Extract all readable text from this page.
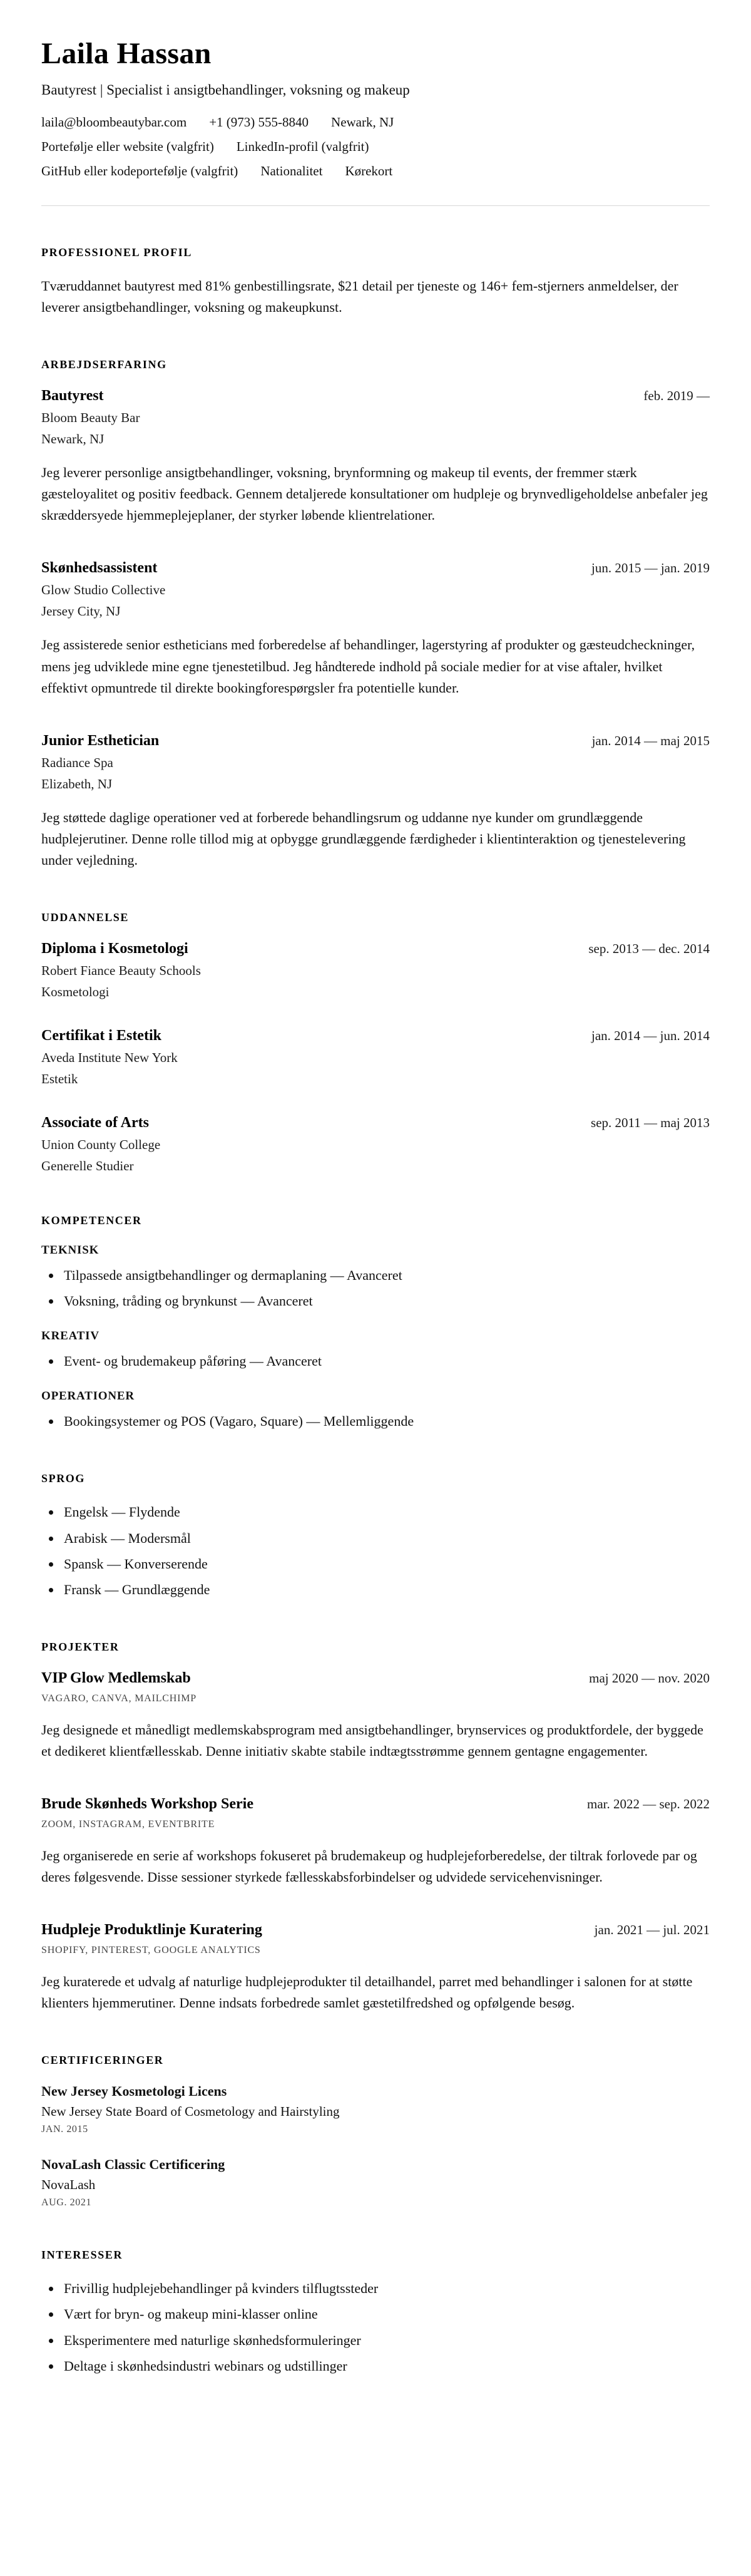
Laila Hassan
Bautyrest | Specialist i ansigtbehandlinger, voksning og makeup
laila@bloombeautybar.com +1 (973) 555-8840 Newark, NJ
Portefølje eller website (valgfrit) LinkedIn-profil (valgfrit)
GitHub eller kodeportefølje (valgfrit) Nationalitet Kørekort
PROFESSIONEL PROFIL

Tværuddannet bautyrest med 81% genbestillingsrate, $21 detail per tjeneste og 146+ fem-stjerners anmeldelser, der leverer ansigtbehandlinger, voksning og makeupkunst.

ARBEJDSERFARING
Bautyrest	feb. 2019 —
Bloom Beauty Bar
Newark, NJ

Jeg leverer personlige ansigtbehandlinger, voksning, brynformning og makeup til events, der fremmer stærk gæsteloyalitet og positiv feedback. Gennem detaljerede konsultationer om hudpleje og brynvedligeholdelse anbefaler jeg skræddersyede hjemmeplejeplaner, der styrker løbende klientrelationer.

Skønhedsassistent	jun. 2015 — jan. 2019
Glow Studio Collective
Jersey City, NJ

Jeg assisterede senior estheticians med forberedelse af behandlinger, lagerstyring af produkter og gæsteudcheckninger, mens jeg udviklede mine egne tjenestetilbud. Jeg håndterede indhold på sociale medier for at vise aftaler, hvilket effektivt opmuntrede til direkte bookingforespørgsler fra potentielle kunder.

Junior Esthetician	jan. 2014 — maj 2015
Radiance Spa
Elizabeth, NJ

Jeg støttede daglige operationer ved at forberede behandlingsrum og uddanne nye kunder om grundlæggende hudplejerutiner. Denne rolle tillod mig at opbygge grundlæggende færdigheder i klientinteraktion og tjenestelevering under vejledning.

UDDANNELSE
Diploma i Kosmetologi	sep. 2013 — dec. 2014
Robert Fiance Beauty Schools
Kosmetologi
Certifikat i Estetik	jan. 2014 — jun. 2014
Aveda Institute New York
Estetik
Associate of Arts	sep. 2011 — maj 2013
Union County College
Generelle Studier
KOMPETENCER
TEKNISK
• Tilpassede ansigtbehandlinger og dermaplaning — Avanceret
• Voksning, tråding og brynkunst — Avanceret
KREATIV
• Event- og brudemakeup påføring — Avanceret
OPERATIONER
• Bookingsystemer og POS (Vagaro, Square) — Mellemliggende
SPROG
• Engelsk — Flydende
• Arabisk — Modersmål
• Spansk — Konverserende
• Fransk — Grundlæggende
PROJEKTER
VIP Glow Medlemskab	maj 2020 — nov. 2020
VAGARO, CANVA, MAILCHIMP

Jeg designede et månedligt medlemskabsprogram med ansigtbehandlinger, brynservices og produktfordele, der byggede et dedikeret klientfællesskab. Denne initiativ skabte stabile indtægtsstrømme gennem gentagne engagementer.

Brude Skønheds Workshop Serie	mar. 2022 — sep. 2022
ZOOM, INSTAGRAM, EVENTBRITE

Jeg organiserede en serie af workshops fokuseret på brudemakeup og hudplejeforberedelse, der tiltrak forlovede par og deres følgesvende. Disse sessioner styrkede fællesskabsforbindelser og udvidede servicehenvisninger.

Hudpleje Produktlinje Kuratering	jan. 2021 — jul. 2021
SHOPIFY, PINTEREST, GOOGLE ANALYTICS

Jeg kuraterede et udvalg af naturlige hudplejeprodukter til detailhandel, parret med behandlinger i salonen for at støtte klienters hjemmerutiner. Denne indsats forbedrede samlet gæstetilfredshed og opfølgende besøg.

CERTIFICERINGER
New Jersey Kosmetologi Licens
New Jersey State Board of Cosmetology and Hairstyling
JAN. 2015
NovaLash Classic Certificering
NovaLash
AUG. 2021
INTERESSER
• Frivillig hudplejebehandlinger på kvinders tilflugtssteder
• Vært for bryn- og makeup mini-klasser online
• Eksperimentere med naturlige skønhedsformuleringer
• Deltage i skønhedsindustri webinars og udstillinger
